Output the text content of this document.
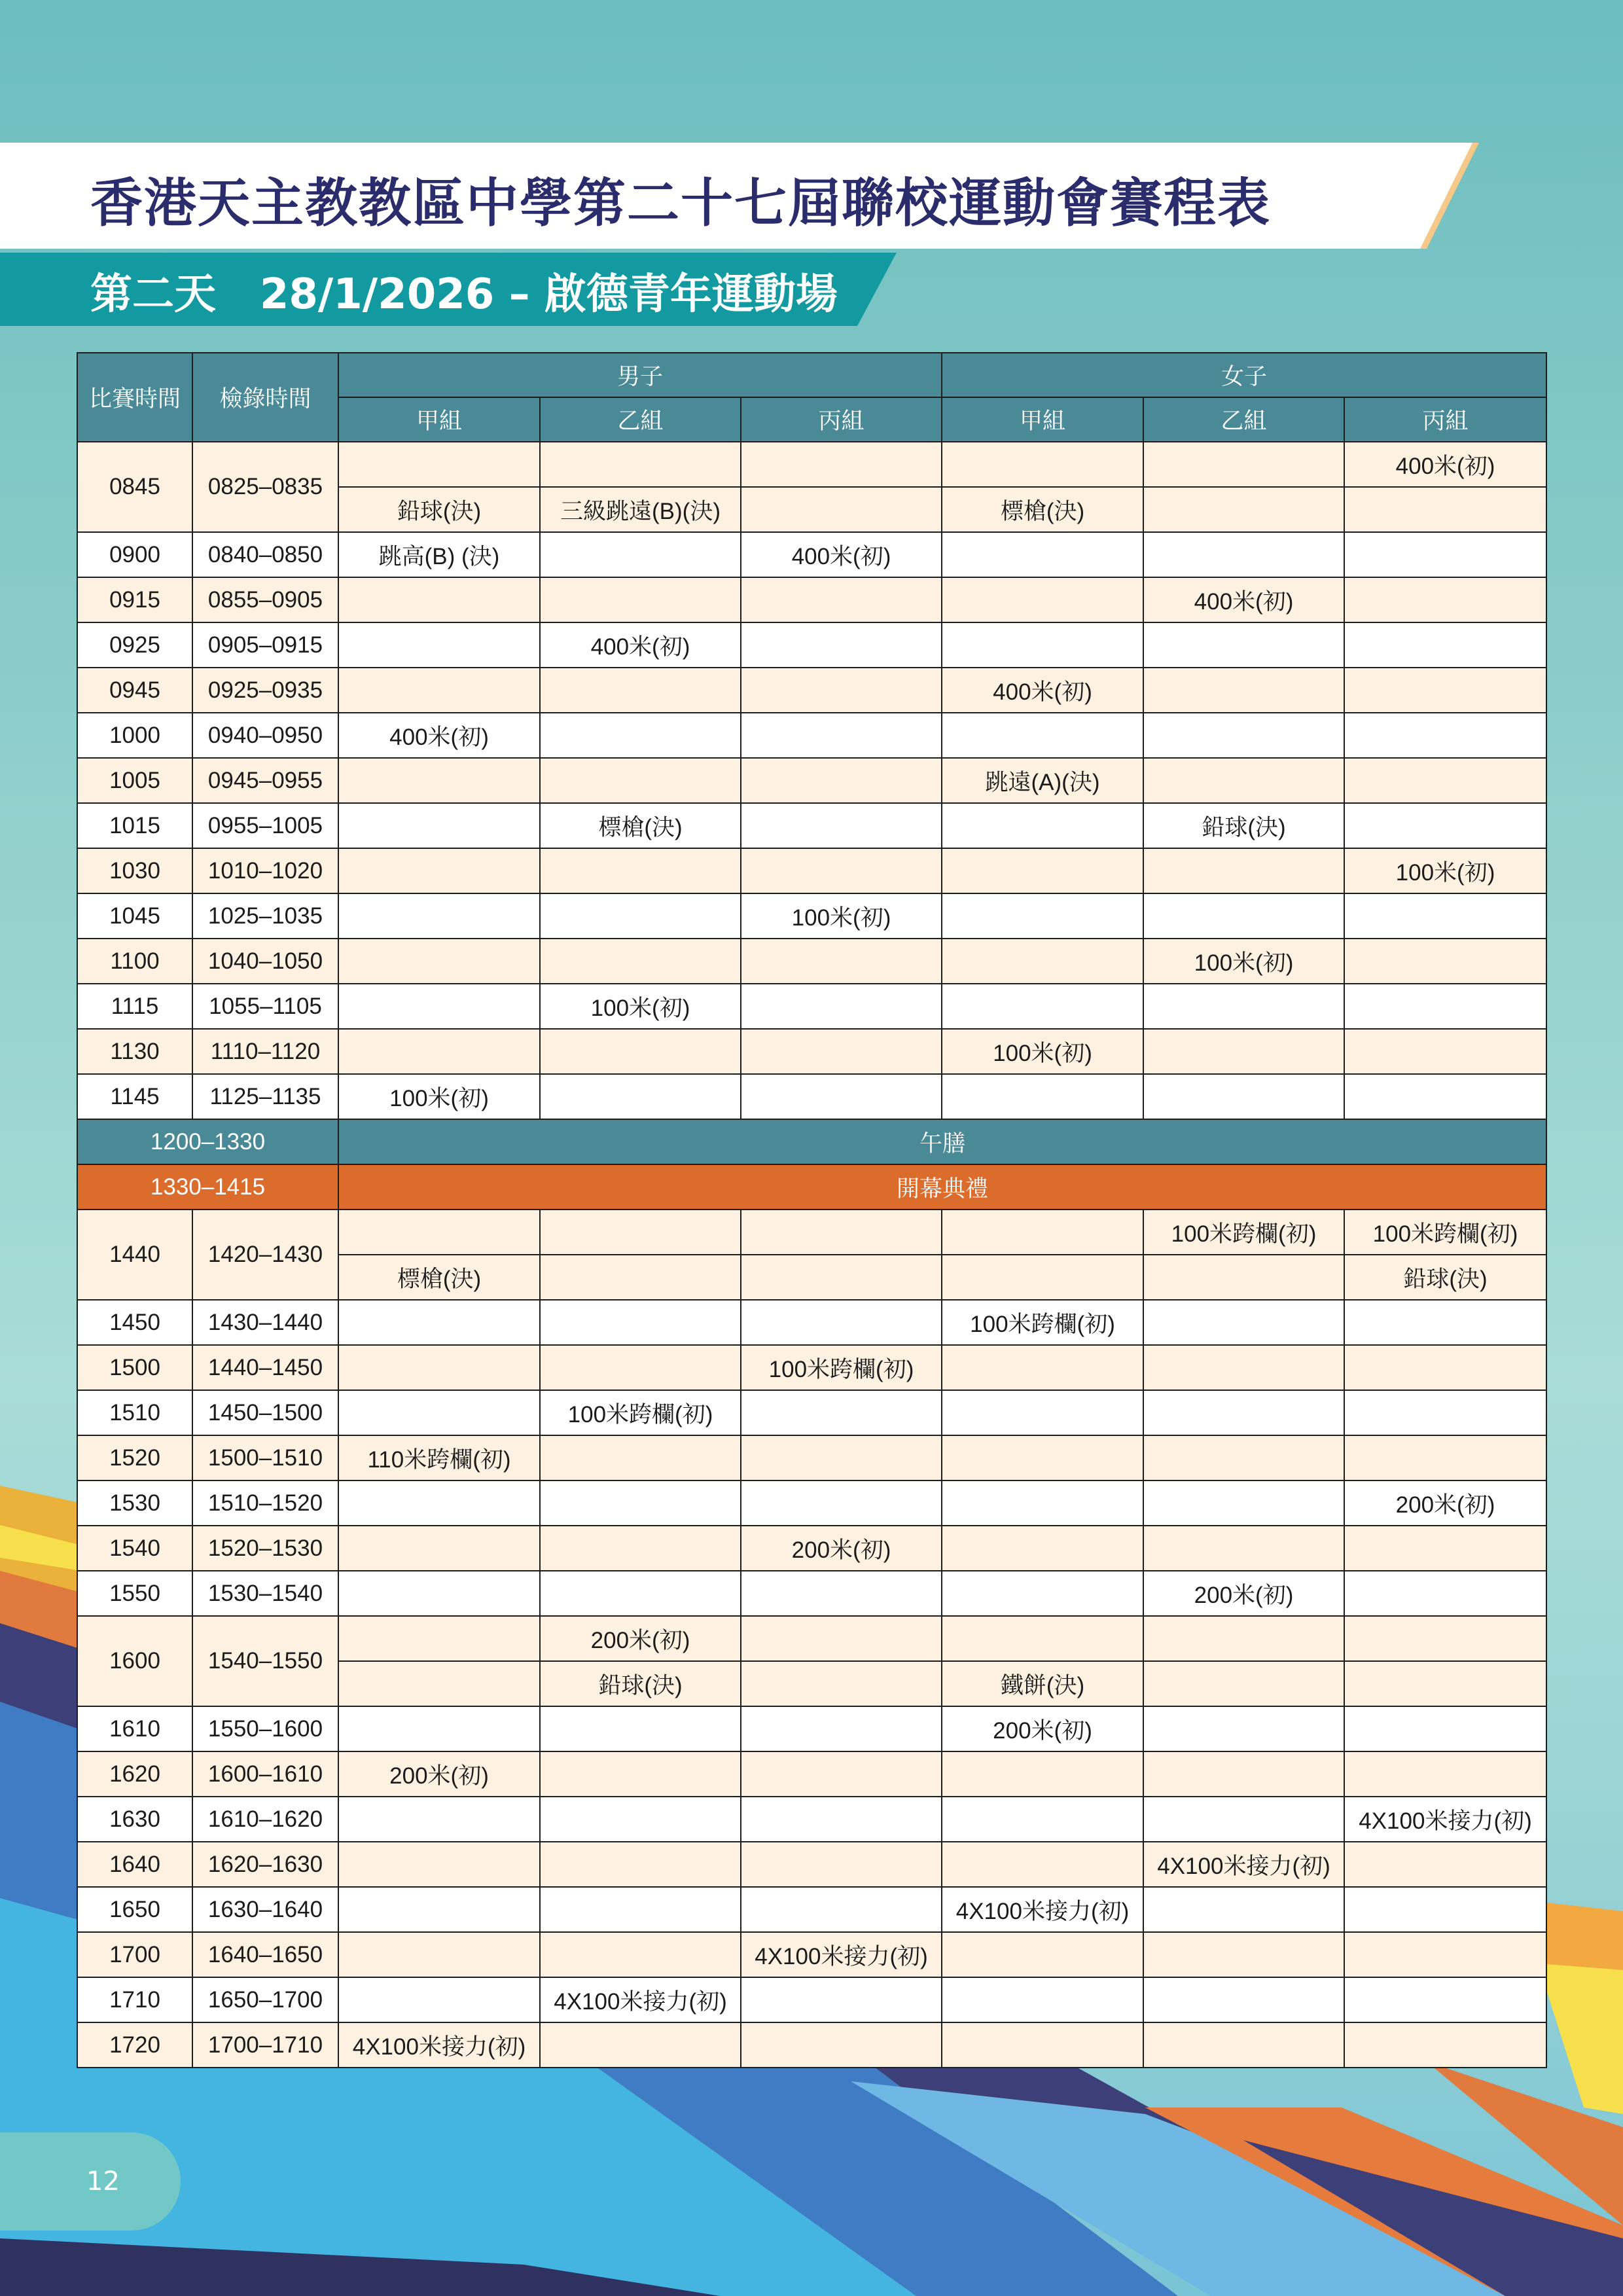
香港天主教教區中學第二十七屆聯校運動會賽程表
第二天   28/1/2026 – 啟德青年運動場
比賽時間	檢錄時間	男子			女子		
		甲組	乙組	丙組	甲組	乙組	丙組
0845	0825–0835						400米(初)
		鉛球(決)	三級跳遠(B)(決)		標槍(決)		
0900	0840–0850	跳高(B) (決)		400米(初)			
0915	0855–0905					400米(初)	
0925	0905–0915		400米(初)				
0945	0925–0935				400米(初)		
1000	0940–0950	400米(初)					
1005	0945–0955				跳遠(A)(決)		
1015	0955–1005		標槍(決)			鉛球(決)	
1030	1010–1020						100米(初)
1045	1025–1035			100米(初)			
1100	1040–1050					100米(初)	
1115	1055–1105		100米(初)				
1130	1110–1120				100米(初)		
1145	1125–1135	100米(初)					
1200–1330		午膳					
1330–1415		開幕典禮					
1440	1420–1430					100米跨欄(初)	100米跨欄(初)
		標槍(決)					鉛球(決)
1450	1430–1440				100米跨欄(初)		
1500	1440–1450			100米跨欄(初)			
1510	1450–1500		100米跨欄(初)				
1520	1500–1510	110米跨欄(初)					
1530	1510–1520						200米(初)
1540	1520–1530			200米(初)			
1550	1530–1540					200米(初)	
1600	1540–1550		200米(初)				
			鉛球(決)		鐵餅(決)		
1610	1550–1600				200米(初)		
1620	1600–1610	200米(初)					
1630	1610–1620						4X100米接力(初)
1640	1620–1630					4X100米接力(初)	
1650	1630–1640				4X100米接力(初)		
1700	1640–1650			4X100米接力(初)			
1710	1650–1700		4X100米接力(初)				
1720	1700–1710	4X100米接力(初)					
12
